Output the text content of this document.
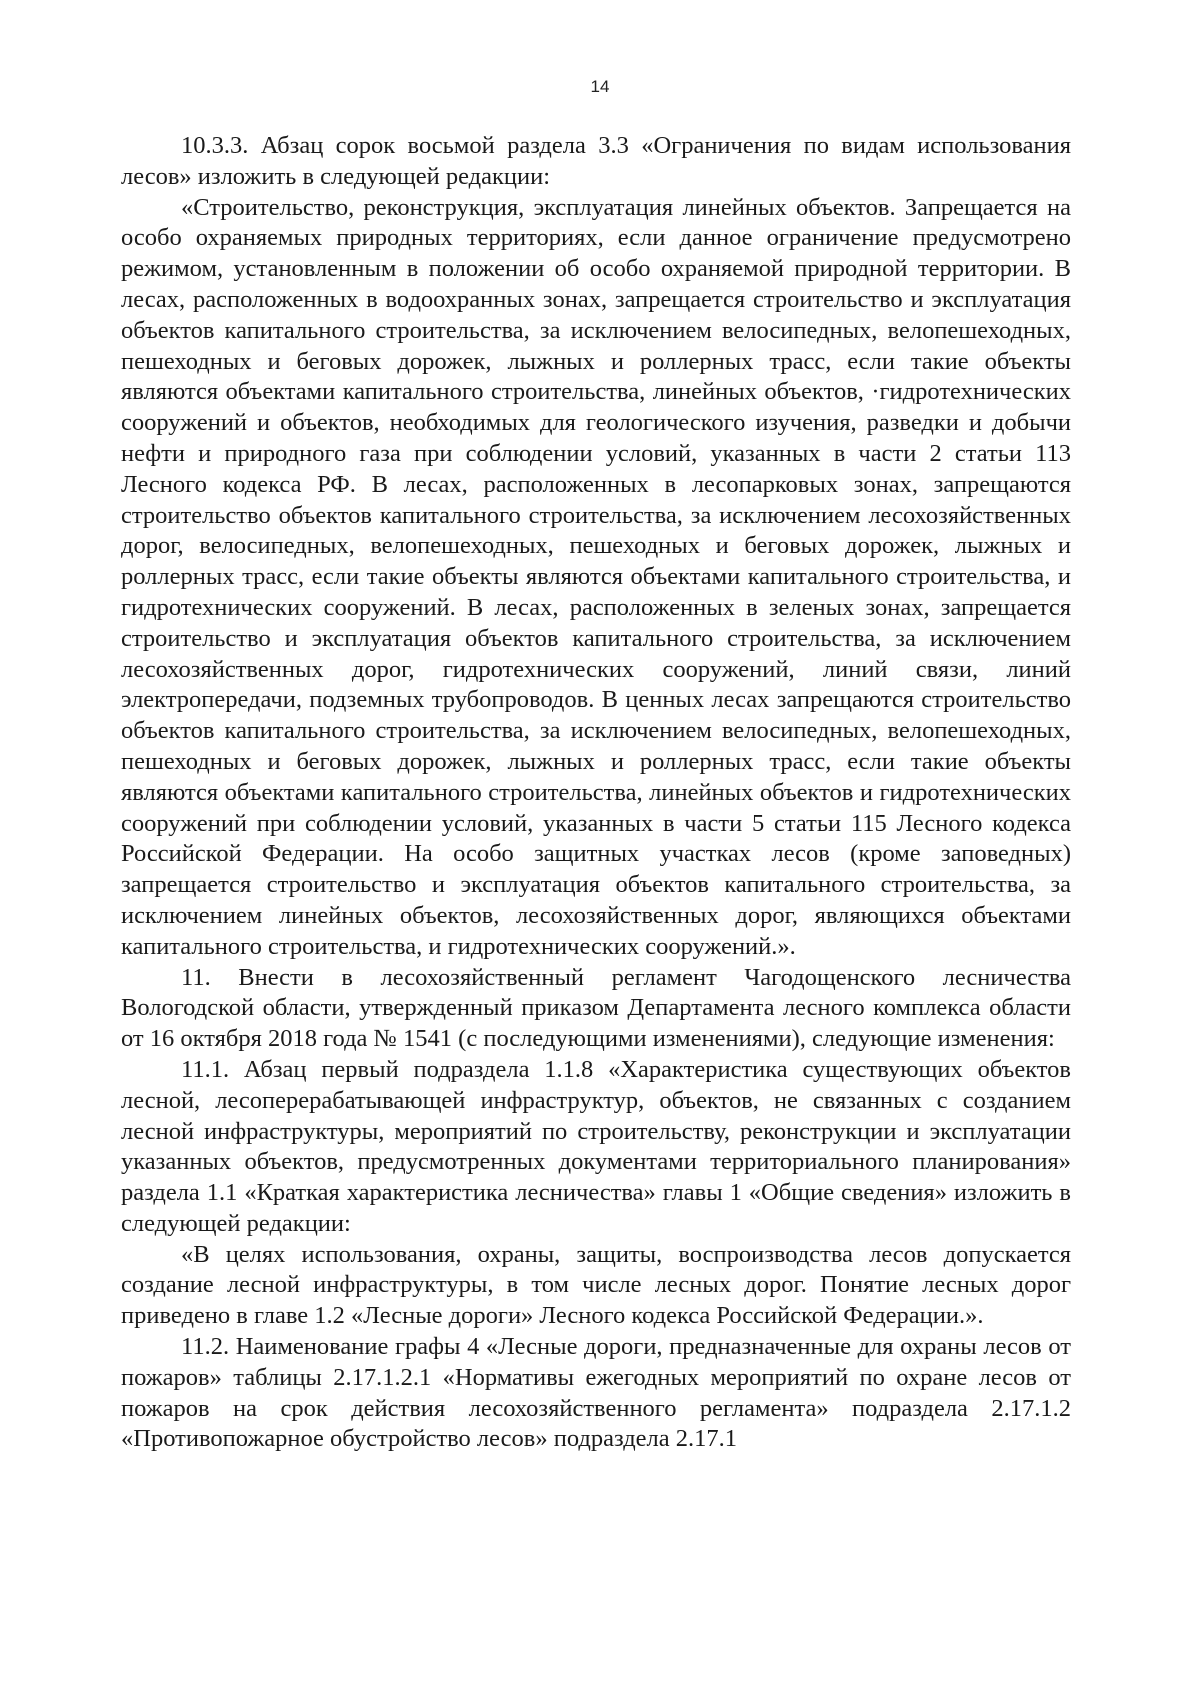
14

10.3.3. Абзац сорок восьмой раздела 3.3 «Ограничения по видам использования лесов» изложить в следующей редакции:

«Строительство, реконструкция, эксплуатация линейных объектов. Запрещается на особо охраняемых природных территориях, если данное ограничение предусмотрено режимом, установленным в положении об особо охраняемой природной территории. В лесах, расположенных в водоохранных зонах, запрещается строительство и эксплуатация объектов капитального строительства, за исключением велосипедных, велопешеходных, пешеходных и беговых дорожек, лыжных и роллерных трасс, если такие объекты являются объектами капитального строительства, линейных объектов, ·гидротехнических сооружений и объектов, необходимых для геологического изучения, разведки и добычи нефти и природного газа при соблюдении условий, указанных в части 2 статьи 113 Лесного кодекса РФ. В лесах, расположенных в лесопарковых зонах, запрещаются строительство объектов капитального строительства, за исключением лесохозяйственных дорог, велосипедных, велопешеходных, пешеходных и беговых дорожек, лыжных и роллерных трасс, если такие объекты являются объектами капитального строительства, и гидротехнических сооружений. В лесах, расположенных в зеленых зонах, запрещается строительство и эксплуатация объектов капитального строительства, за исключением лесохозяйственных дорог, гидротехнических сооружений, линий связи, линий электропередачи, подземных трубопроводов. В ценных лесах запрещаются строительство объектов капитального строительства, за исключением велосипедных, велопешеходных, пешеходных и беговых дорожек, лыжных и роллерных трасс, если такие объекты являются объектами капитального строительства, линейных объектов и гидротехнических сооружений при соблюдении условий, указанных в части 5 статьи 115 Лесного кодекса Российской Федерации. На особо защитных участках лесов (кроме заповедных) запрещается строительство и эксплуатация объектов капитального строительства, за исключением линейных объектов, лесохозяйственных дорог, являющихся объектами капитального строительства, и гидротехнических сооружений.».

11. Внести в лесохозяйственный регламент Чагодощенского лесничества Вологодской области, утвержденный приказом Департамента лесного комплекса области от 16 октября 2018 года № 1541 (с последующими изменениями), следующие изменения:

11.1. Абзац первый подраздела 1.1.8 «Характеристика существующих объектов лесной, лесоперерабатывающей инфраструктур, объектов, не связанных с созданием лесной инфраструктуры, мероприятий по строительству, реконструкции и эксплуатации указанных объектов, предусмотренных документами территориального планирования» раздела 1.1 «Краткая характеристика лесничества» главы 1 «Общие сведения» изложить в следующей редакции:

«В целях использования, охраны, защиты, воспроизводства лесов допускается создание лесной инфраструктуры, в том числе лесных дорог. Понятие лесных дорог приведено в главе 1.2 «Лесные дороги» Лесного кодекса Российской Федерации.».

11.2. Наименование графы 4 «Лесные дороги, предназначенные для охраны лесов от пожаров» таблицы 2.17.1.2.1 «Нормативы ежегодных мероприятий по охране лесов от пожаров на срок действия лесохозяйственного регламента» подраздела 2.17.1.2 «Противопожарное обустройство лесов» подраздела 2.17.1
